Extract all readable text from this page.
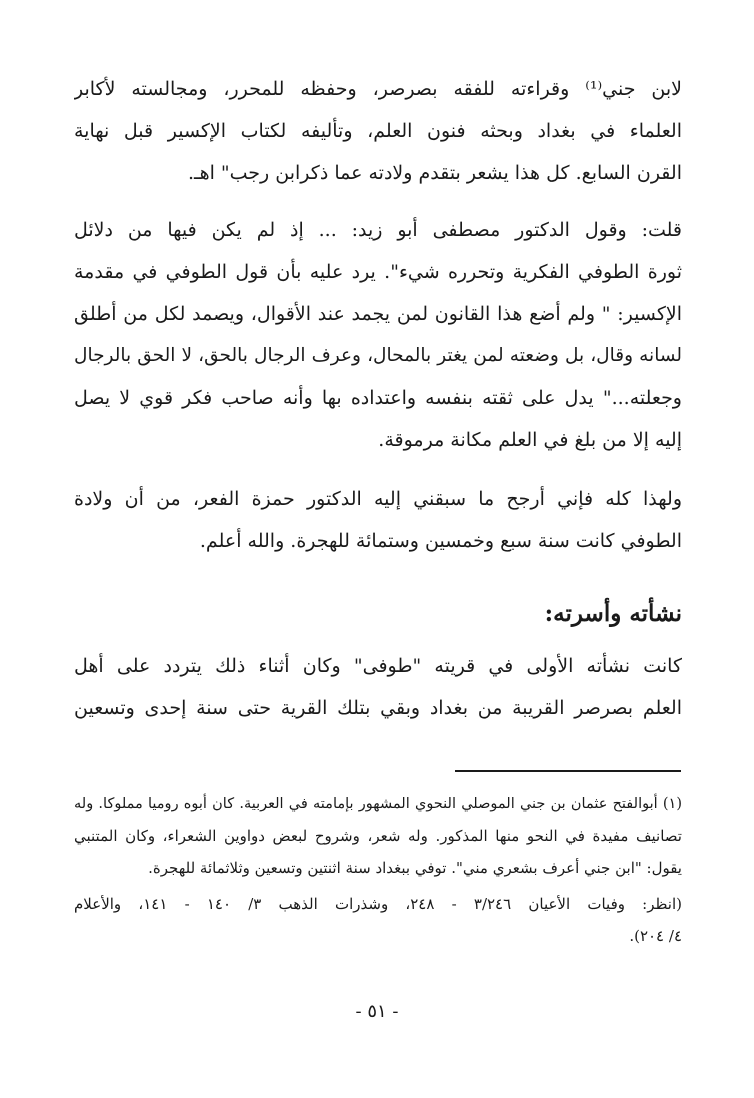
لابن جني⁽¹⁾ وقراءته للفقه بصرصر، وحفظه للمحرر، ومجالسته لأكابر
العلماء في بغداد وبحثه فنون العلم، وتأليفه لكتاب الإكسير قبل نهاية
القرن السابع. كل هذا يشعر بتقدم ولادته عما ذكرابن رجب" اهـ.
قلت: وقول الدكتور مصطفى أبو زيد: ... إذ لم يكن فيها من دلائل
ثورة الطوفي الفكرية وتحرره شيء". يرد عليه بأن قول الطوفي في مقدمة
الإكسير: " ولم أضع هذا القانون لمن يجمد عند الأقوال، ويصمد لكل من أطلق
لسانه وقال، بل وضعته لمن يغتر بالمحال، وعرف الرجال بالحق، لا الحق بالرجال
وجعلته..." يدل على ثقته بنفسه واعتداده بها وأنه صاحب فكر قوي لا يصل
إليه إلا من بلغ في العلم مكانة مرموقة.
ولهذا كله فإني أرجح ما سبقني إليه الدكتور حمزة الفعر، من أن ولادة
الطوفي كانت سنة سبع وخمسين وستمائة للهجرة. والله أعلم.
نشأته وأسرته:
كانت نشأته الأولى في قريته "طوفى" وكان أثناء ذلك يتردد على أهل
العلم بصرصر القريبة من بغداد وبقي بتلك القرية حتى سنة إحدى وتسعين
(١) أبوالفتح عثمان بن جني الموصلي النحوي المشهور بإمامته في العربية. كان أبوه روميا مملوكا. وله
تصانيف مفيدة في النحو منها المذكور. وله شعر، وشروح لبعض دواوين الشعراء، وكان المتنبي
يقول: "ابن جني أعرف بشعري مني". توفي ببغداد سنة اثنتين وتسعين وثلاثمائة للهجرة.
(انظر: وفيات الأعيان ٣/٢٤٦ - ٢٤٨، وشذرات الذهب ٣/ ١٤٠ - ١٤١، والأعلام
٤/ ٢٠٤).
- ٥١ -
